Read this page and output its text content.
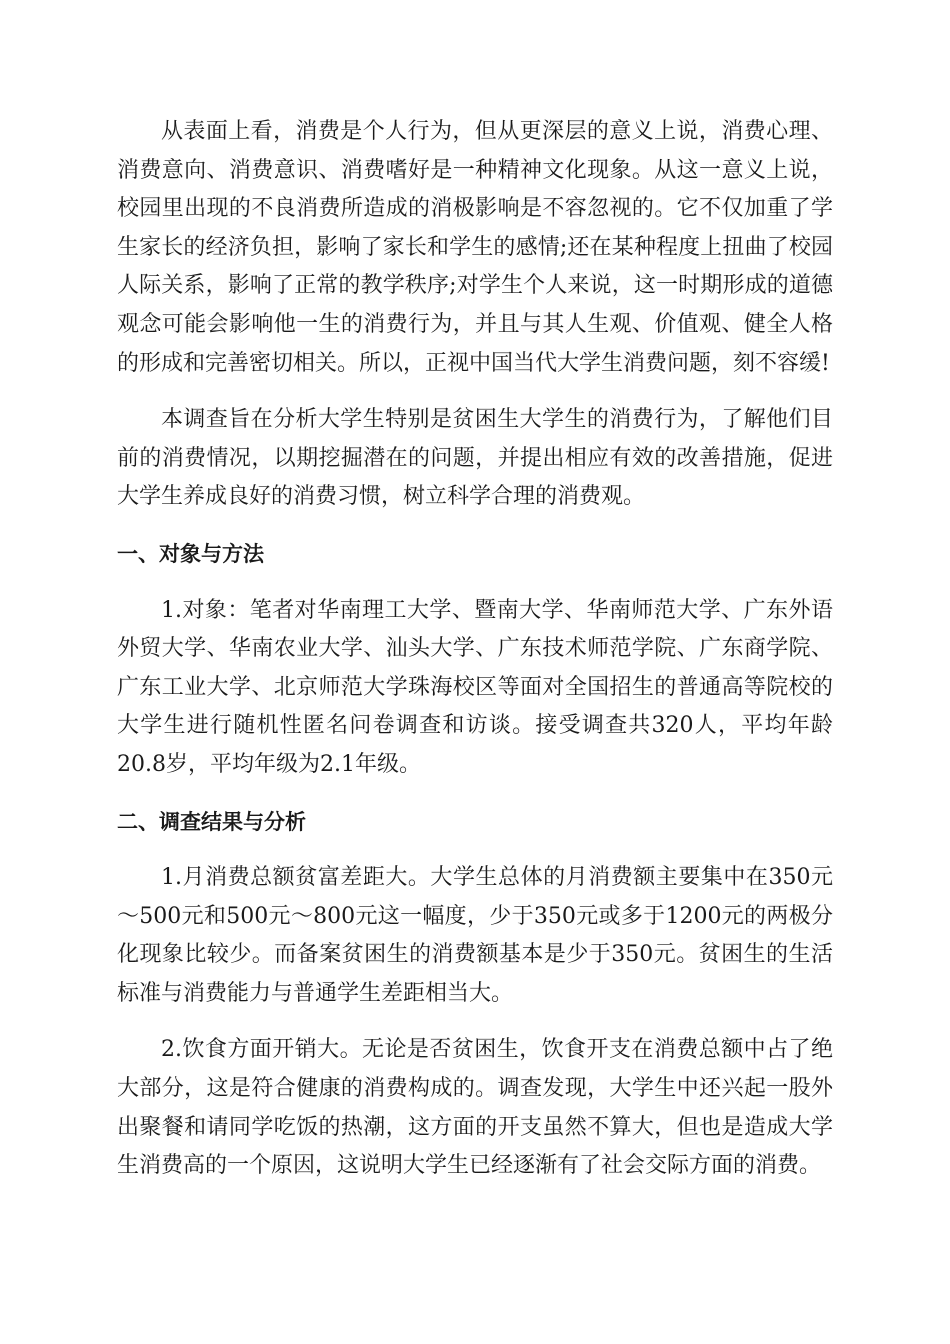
从表面上看，消费是个人行为，但从更深层的意义上说，消费心理、消费意向、消费意识、消费嗜好是一种精神文化现象。从这一意义上说，校园里出现的不良消费所造成的消极影响是不容忽视的。它不仅加重了学生家长的经济负担，影响了家长和学生的感情;还在某种程度上扭曲了校园人际关系，影响了正常的教学秩序;对学生个人来说，这一时期形成的道德观念可能会影响他一生的消费行为，并且与其人生观、价值观、健全人格的形成和完善密切相关。所以，正视中国当代大学生消费问题，刻不容缓!

本调查旨在分析大学生特别是贫困生大学生的消费行为，了解他们目前的消费情况，以期挖掘潜在的问题，并提出相应有效的改善措施，促进大学生养成良好的消费习惯，树立科学合理的消费观。

一、对象与方法

1.对象：笔者对华南理工大学、暨南大学、华南师范大学、广东外语外贸大学、华南农业大学、汕头大学、广东技术师范学院、广东商学院、广东工业大学、北京师范大学珠海校区等面对全国招生的普通高等院校的大学生进行随机性匿名问卷调查和访谈。接受调查共320人，平均年龄20.8岁，平均年级为2.1年级。

二、调查结果与分析

1.月消费总额贫富差距大。大学生总体的月消费额主要集中在350元～500元和500元～800元这一幅度，少于350元或多于1200元的两极分化现象比较少。而备案贫困生的消费额基本是少于350元。贫困生的生活标准与消费能力与普通学生差距相当大。

2.饮食方面开销大。无论是否贫困生，饮食开支在消费总额中占了绝大部分，这是符合健康的消费构成的。调查发现，大学生中还兴起一股外出聚餐和请同学吃饭的热潮，这方面的开支虽然不算大，但也是造成大学生消费高的一个原因，这说明大学生已经逐渐有了社会交际方面的消费。
